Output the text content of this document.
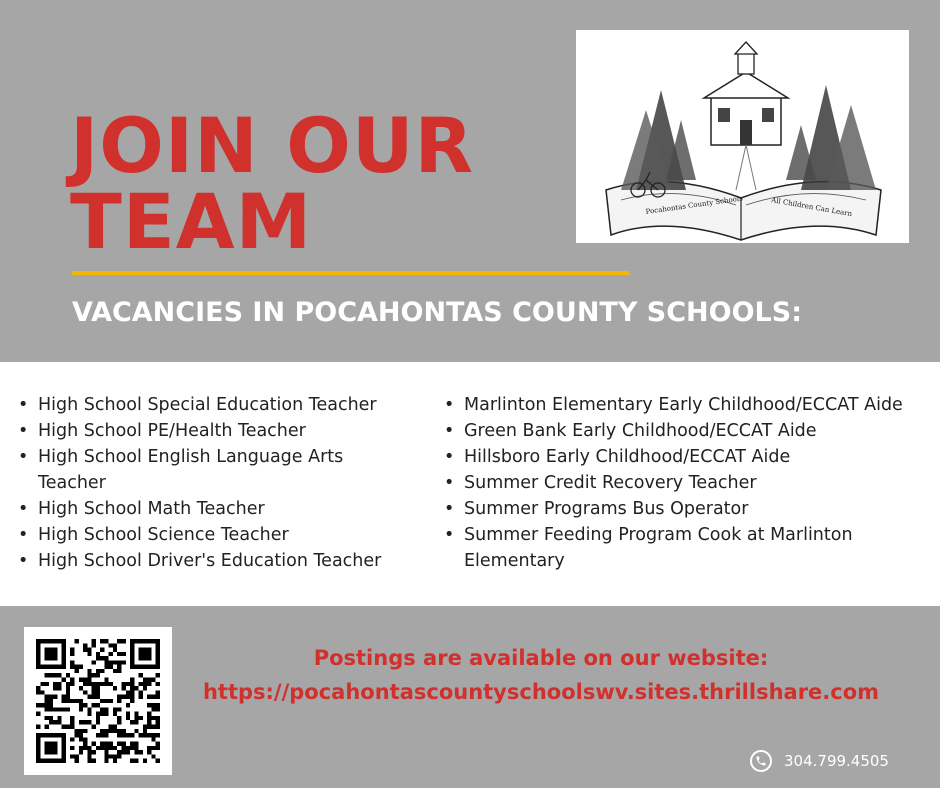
JOIN OUR
TEAM
VACANCIES IN POCAHONTAS COUNTY SCHOOLS:
Pocahontas County Schools	All Children Can Learn
• High School Special Education Teacher
• High School PE/Health Teacher
• High School English Language Arts Teacher
• High School Math Teacher
• High School Science Teacher
• High School Driver's Education Teacher
• Marlinton Elementary Early Childhood/ECCAT Aide
• Green Bank Early Childhood/ECCAT Aide
• Hillsboro Early Childhood/ECCAT Aide
• Summer Credit Recovery Teacher
• Summer Programs Bus Operator
• Summer Feeding Program Cook at Marlinton Elementary
Postings are available on our website:
https://pocahontascountyschoolswv.sites.thrillshare.com
304.799.4505
